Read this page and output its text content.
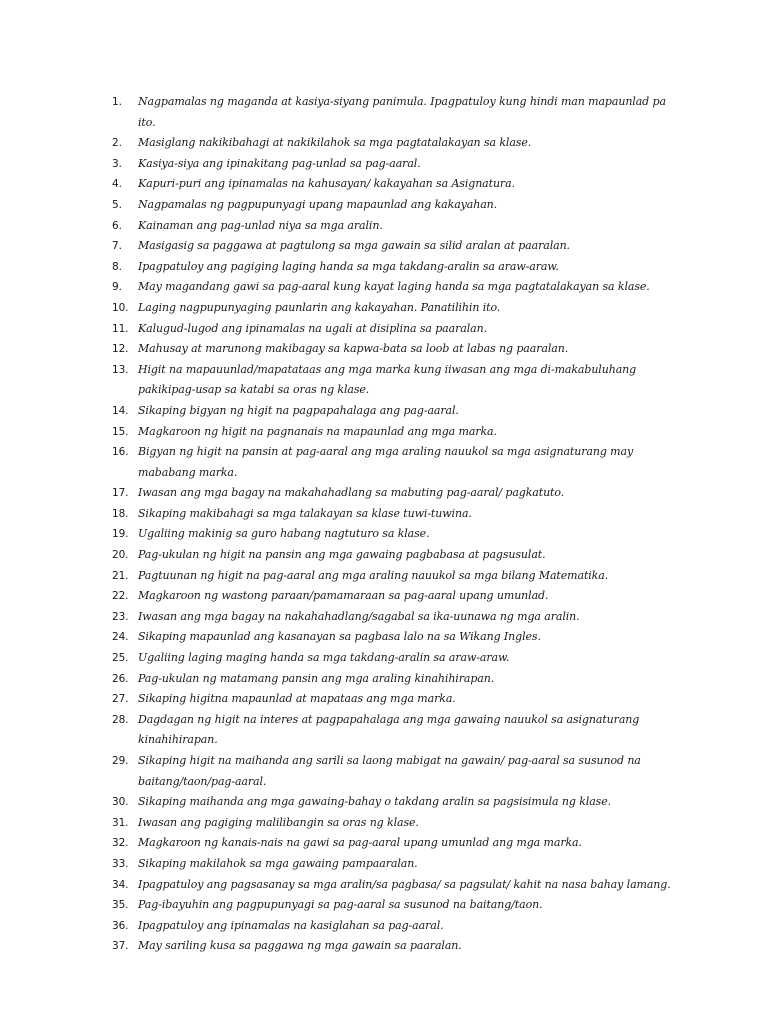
1.	Nagpamalas ng maganda at kasiya-siyang panimula. Ipagpatuloy kung hindi man mapaunlad pa ito.
2.	Masiglang nakikibahagi at nakikilahok sa mga pagtatalakayan sa klase.
3.	Kasiya-siya ang ipinakitang pag-unlad sa pag-aaral.
4.	Kapuri-puri ang ipinamalas na kahusayan/ kakayahan sa Asignatura.
5.	Nagpamalas ng pagpupunyagi upang mapaunlad ang kakayahan.
6.	Kainaman ang pag-unlad niya sa mga aralin.
7.	Masigasig sa paggawa at pagtulong sa mga gawain sa silid aralan at paaralan.
8.	Ipagpatuloy ang pagiging laging handa sa mga takdang-aralin sa araw-araw.
9.	May magandang gawi sa pag-aaral kung kayat laging handa sa mga pagtatalakayan sa klase.
10. Laging nagpupunyaging paunlarin ang kakayahan. Panatilihin ito.
11. Kalugud-lugod ang ipinamalas na ugali at disiplina sa paaralan.
12. Mahusay at marunong makibagay sa kapwa-bata sa loob at labas ng paaralan.
13. Higit na mapauunlad/mapatataas ang mga marka kung iiwasan ang mga di-makabuluhang pakikipag-usap sa katabi sa oras ng klase.
14. Sikaping bigyan ng higit na pagpapahalaga ang pag-aaral.
15. Magkaroon ng higit na pagnanais na mapaunlad ang mga marka.
16. Bigyan ng higit na pansin at pag-aaral ang mga araling nauukol sa mga asignaturang may mababang marka.
17. Iwasan ang mga bagay na makahahadlang sa mabuting pag-aaral/ pagkatuto.
18. Sikaping makibahagi sa mga talakayan sa klase tuwi-tuwina.
19. Ugaliing makinig sa guro habang nagtuturo sa klase.
20. Pag-ukulan ng higit na pansin ang mga gawaing pagbabasa at pagsusulat.
21. Pagtuunan ng higit na pag-aaral ang mga araling nauukol sa mga bilang Matematika.
22. Magkaroon ng wastong paraan/pamamaraan sa pag-aaral upang umunlad.
23. Iwasan ang mga bagay na nakahahadlang/sagabal sa ika-uunawa ng mga aralin.
24. Sikaping mapaunlad ang kasanayan sa pagbasa lalo na sa Wikang Ingles.
25. Ugaliing laging maging handa sa mga takdang-aralin sa araw-araw.
26. Pag-ukulan ng matamang pansin ang mga araling kinahihirapan.
27. Sikaping higitna mapaunlad at mapataas ang mga marka.
28. Dagdagan ng higit na interes at pagpapahalaga ang mga gawaing nauukol sa asignaturang kinahihirapan.
29. Sikaping higit na maihanda ang sarili sa laong mabigat na gawain/ pag-aaral sa susunod na baitang/taon/pag-aaral.
30. Sikaping maihanda ang mga gawaing-bahay o takdang aralin sa pagsisimula ng klase.
31. Iwasan ang pagiging malilibangin sa oras ng klase.
32. Magkaroon ng kanais-nais na gawi sa pag-aaral upang umunlad ang mga marka.
33. Sikaping makilahok sa mga gawaing pampaaralan.
34. Ipagpatuloy ang pagsasanay sa mga aralin/sa pagbasa/ sa pagsulat/ kahit na nasa bahay lamang.
35. Pag-ibayuhin ang pagpupunyagi sa pag-aaral sa susunod na baitang/taon.
36. Ipagpatuloy ang ipinamalas na kasiglahan sa pag-aaral.
37. May sariling kusa sa paggawa ng mga gawain sa paaralan.
